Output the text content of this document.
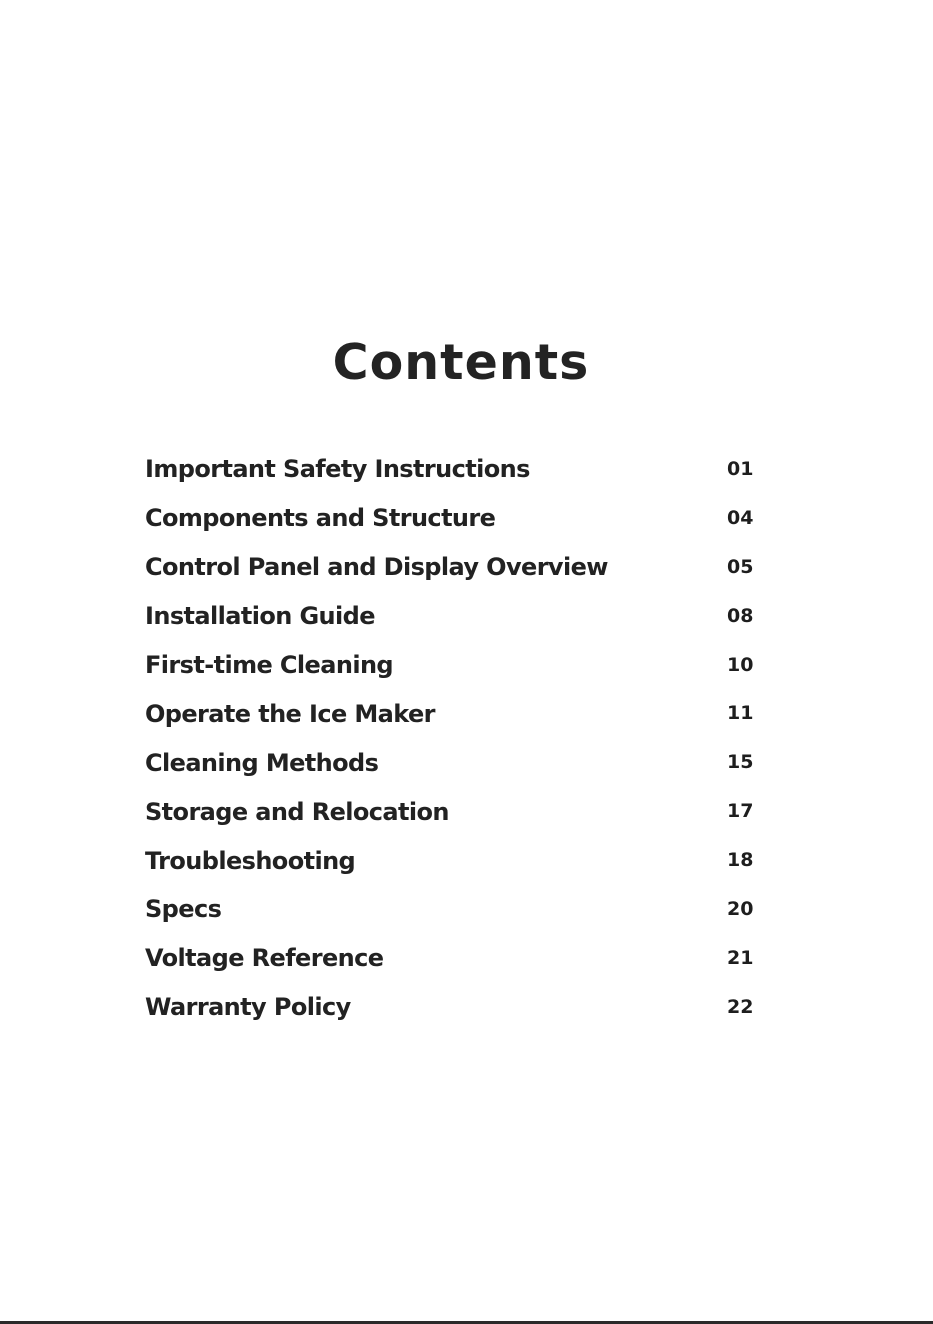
Contents
Important Safety Instructions	01
Components and Structure	04
Control Panel and Display Overview	05
Installation Guide	08
First-time Cleaning	10
Operate the Ice Maker	11
Cleaning Methods	15
Storage and Relocation	17
Troubleshooting	18
Specs	20
Voltage Reference	21
Warranty Policy	22
